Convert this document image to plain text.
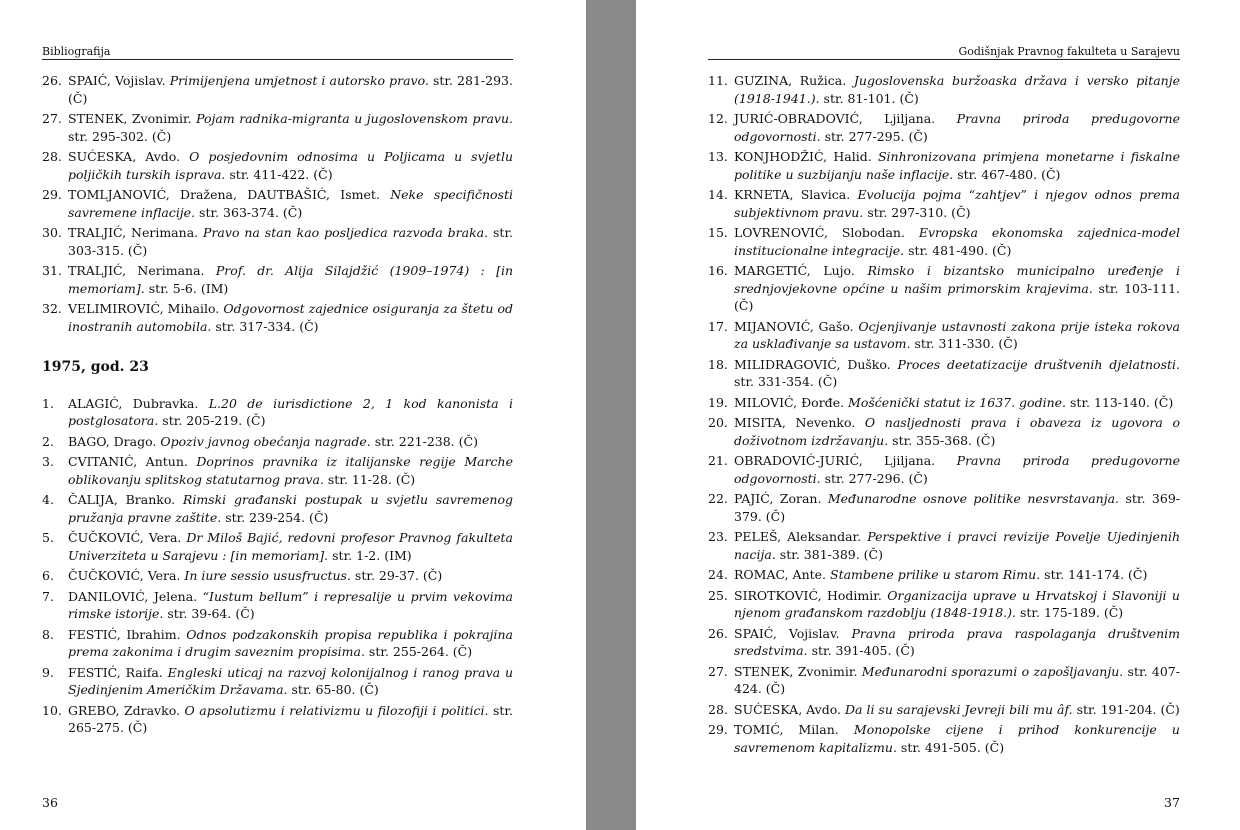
Bibliografija
26. SPAIĆ, Vojislav. Primijenjena umjetnost i autorsko pravo. str. 281-293. (Č)
27. STENEK, Zvonimir. Pojam radnika-migranta u jugoslovenskom pravu. str. 295-302. (Č)
28. SUĆESKA, Avdo. O posjedovnim odnosima u Poljicama u svjetlu poljičkih turskih isprava. str. 411-422. (Č)
29. TOMLJANOVIĆ, Dražena, DAUTBAŠIĆ, Ismet. Neke specifičnosti savremene inflacije. str. 363-374. (Č)
30. TRALJIĆ, Nerimana. Pravo na stan kao posljedica razvoda braka. str. 303-315. (Č)
31. TRALJIĆ, Nerimana. Prof. dr. Alija Silajdžić (1909–1974) : [in memoriam]. str. 5-6. (IM)
32. VELIMIROVIĆ, Mihailo. Odgovornost zajednice osiguranja za štetu od inostranih automobila. str. 317-334. (Č)
1975, god. 23
1.	ALAGIĆ, Dubravka. L.20 de iurisdictione 2, 1 kod kanonista i postglosatora. str. 205-219. (Č)
2.	BAGO, Drago. Opoziv javnog obećanja nagrade. str. 221-238. (Č)
3.	CVITANIĆ, Antun. Doprinos pravnika iz italijanske regije Marche oblikovanju splitskog statutarnog prava. str. 11-28. (Č)
4.	ČALIJA, Branko. Rimski građanski postupak u svjetlu savremenog pružanja pravne zaštite. str. 239-254. (Č)
5.	ČUČKOVIĆ, Vera. Dr Miloš Bajić, redovni profesor Pravnog fakulteta Univerziteta u Sarajevu : [in memoriam]. str. 1-2. (IM)
6.	ČUČKOVIĆ, Vera. In iure sessio ususfructus. str. 29-37. (Č)
7.	DANILOVIĆ, Jelena. “Iustum bellum” i represalije u prvim vekovima rimske istorije. str. 39-64. (Č)
8.	FESTIĆ, Ibrahim. Odnos podzakonskih propisa republika i pokrajina prema zakonima i drugim saveznim propisima. str. 255-264. (Č)
9.	FESTIĆ, Raifa. Engleski uticaj na razvoj kolonijalnog i ranog prava u Sjedinjenim Američkim Državama. str. 65-80. (Č)
10. GREBO, Zdravko. O apsolutizmu i relativizmu u filozofiji i politici. str. 265-275. (Č)
36
Godišnjak Pravnog fakulteta u Sarajevu
11. GUZINA, Ružica. Jugoslovenska buržoaska država i versko pitanje (1918-1941.). str. 81-101. (Č)
12. JURIĆ-OBRADOVIĆ, Ljiljana. Pravna priroda predugovorne odgovornosti. str. 277-295. (Č)
13. KONJHODŽIĆ, Halid. Sinhronizovana primjena monetarne i fiskalne politike u suzbijanju naše inflacije. str. 467-480. (Č)
14. KRNETA, Slavica. Evolucija pojma “zahtjev” i njegov odnos prema subjektivnom pravu. str. 297-310. (Č)
15. LOVRENOVIĆ, Slobodan. Evropska ekonomska zajednica-model institucionalne integracije. str. 481-490. (Č)
16. MARGETIĆ, Lujo. Rimsko i bizantsko municipalno uređenje i srednjovjekovne općine u našim primorskim krajevima. str. 103-111. (Č)
17. MIJANOVIĆ, Gašo. Ocjenjivanje ustavnosti zakona prije isteka rokova za usklađivanje sa ustavom. str. 311-330. (Č)
18. MILIDRAGOVIĆ, Duško. Proces deetatizacije društvenih djelatnosti. str. 331-354. (Č)
19. MILOVIĆ, Đorđe. Mošćenički statut iz 1637. godine. str. 113-140. (Č)
20. MISITA, Nevenko. O nasljednosti prava i obaveza iz ugovora o doživotnom izdržavanju. str. 355-368. (Č)
21. OBRADOVIĆ-JURIĆ, Ljiljana. Pravna priroda predugovorne odgovornosti. str. 277-296. (Č)
22. PAJIĆ, Zoran. Međunarodne osnove politike nesvrstavanja. str. 369-379. (Č)
23. PELEŠ, Aleksandar. Perspektive i pravci revizije Povelje Ujedinjenih nacija. str. 381-389. (Č)
24. ROMAC, Ante. Stambene prilike u starom Rimu. str. 141-174. (Č)
25. SIROTKOVIĆ, Hodimir. Organizacija uprave u Hrvatskoj i Slavoniji u njenom građanskom razdoblju (1848-1918.). str. 175-189. (Č)
26. SPAIĆ, Vojislav. Pravna priroda prava raspolaganja društvenim sredstvima. str. 391-405. (Č)
27. STENEK, Zvonimir. Međunarodni sporazumi o zapošljavanju. str. 407-424. (Č)
28. SUĆESKA, Avdo. Da li su sarajevski Jevreji bili mu âf. str. 191-204. (Č)
29. TOMIĆ, Milan. Monopolske cijene i prihod konkurencije u savremenom kapitalizmu. str. 491-505. (Č)
37
